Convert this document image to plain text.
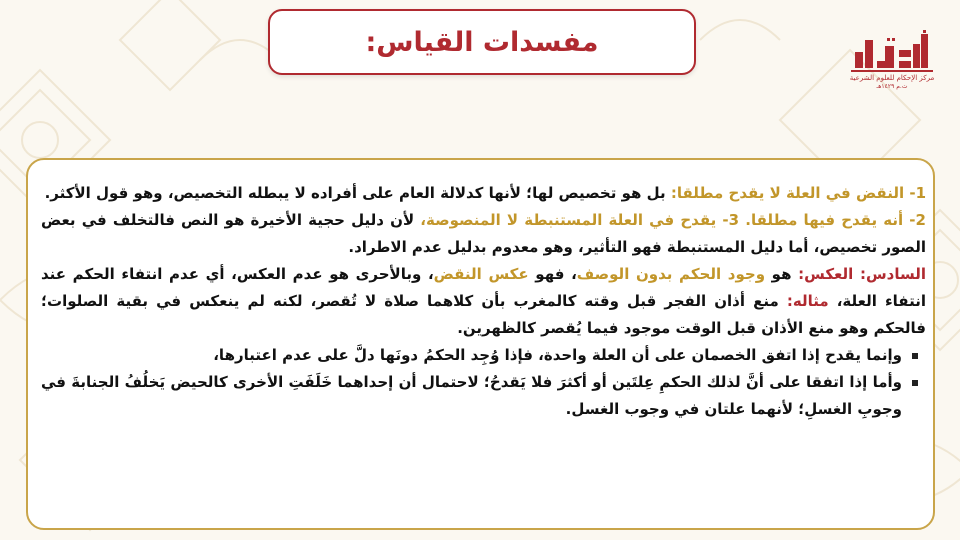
مفسدات القياس:
مركز الإحكام للعلوم الشرعية
ت.م ١٤٢٩هـ

1- النقض في العلة لا يقدح مطلقا: بل هو تخصيص لها؛ لأنها كدلالة العام على أفراده لا يبطله التخصيص، وهو قول الأكثر.

2- أنه يقدح فيها مطلقا. 3- يقدح في العلة المستنبطة لا المنصوصة، لأن دليل حجية الأخيرة هو النص فالتخلف في بعض الصور تخصيص، أما دليل المستنبطة فهو التأثير، وهو معدوم بدليل عدم الاطراد.

السادس: العكس: هو وجود الحكم بدون الوصف، فهو عكس النقض، وبالأحرى هو عدم العكس، أي عدم انتفاء الحكم عند انتفاء العلة، مثاله: منع أذان الفجر قبل وقته كالمغرب بأن كلاهما صلاة لا تُقصر، لكنه لم ينعكس في بقية الصلوات؛ فالحكم وهو منع الأذان قبل الوقت موجود فيما يُقصر كالظهرين.

وإنما يقدح إذا اتفق الخصمان على أن العلة واحدة، فإذا وُجِد الحكمُ دونَها دلَّ على عدم اعتبارها،
وأما إذا اتفقا على أنَّ لذلك الحكمِ عِلتَين أو أكثرَ فلا يَقدحُ؛ لاحتمال أن إحداهما خَلَفَتِ الأخرى كالحيض يَخلُفُ الجنابةَ في وجوبِ الغسلِ؛ لأنهما علتان في وجوب الغسل.
